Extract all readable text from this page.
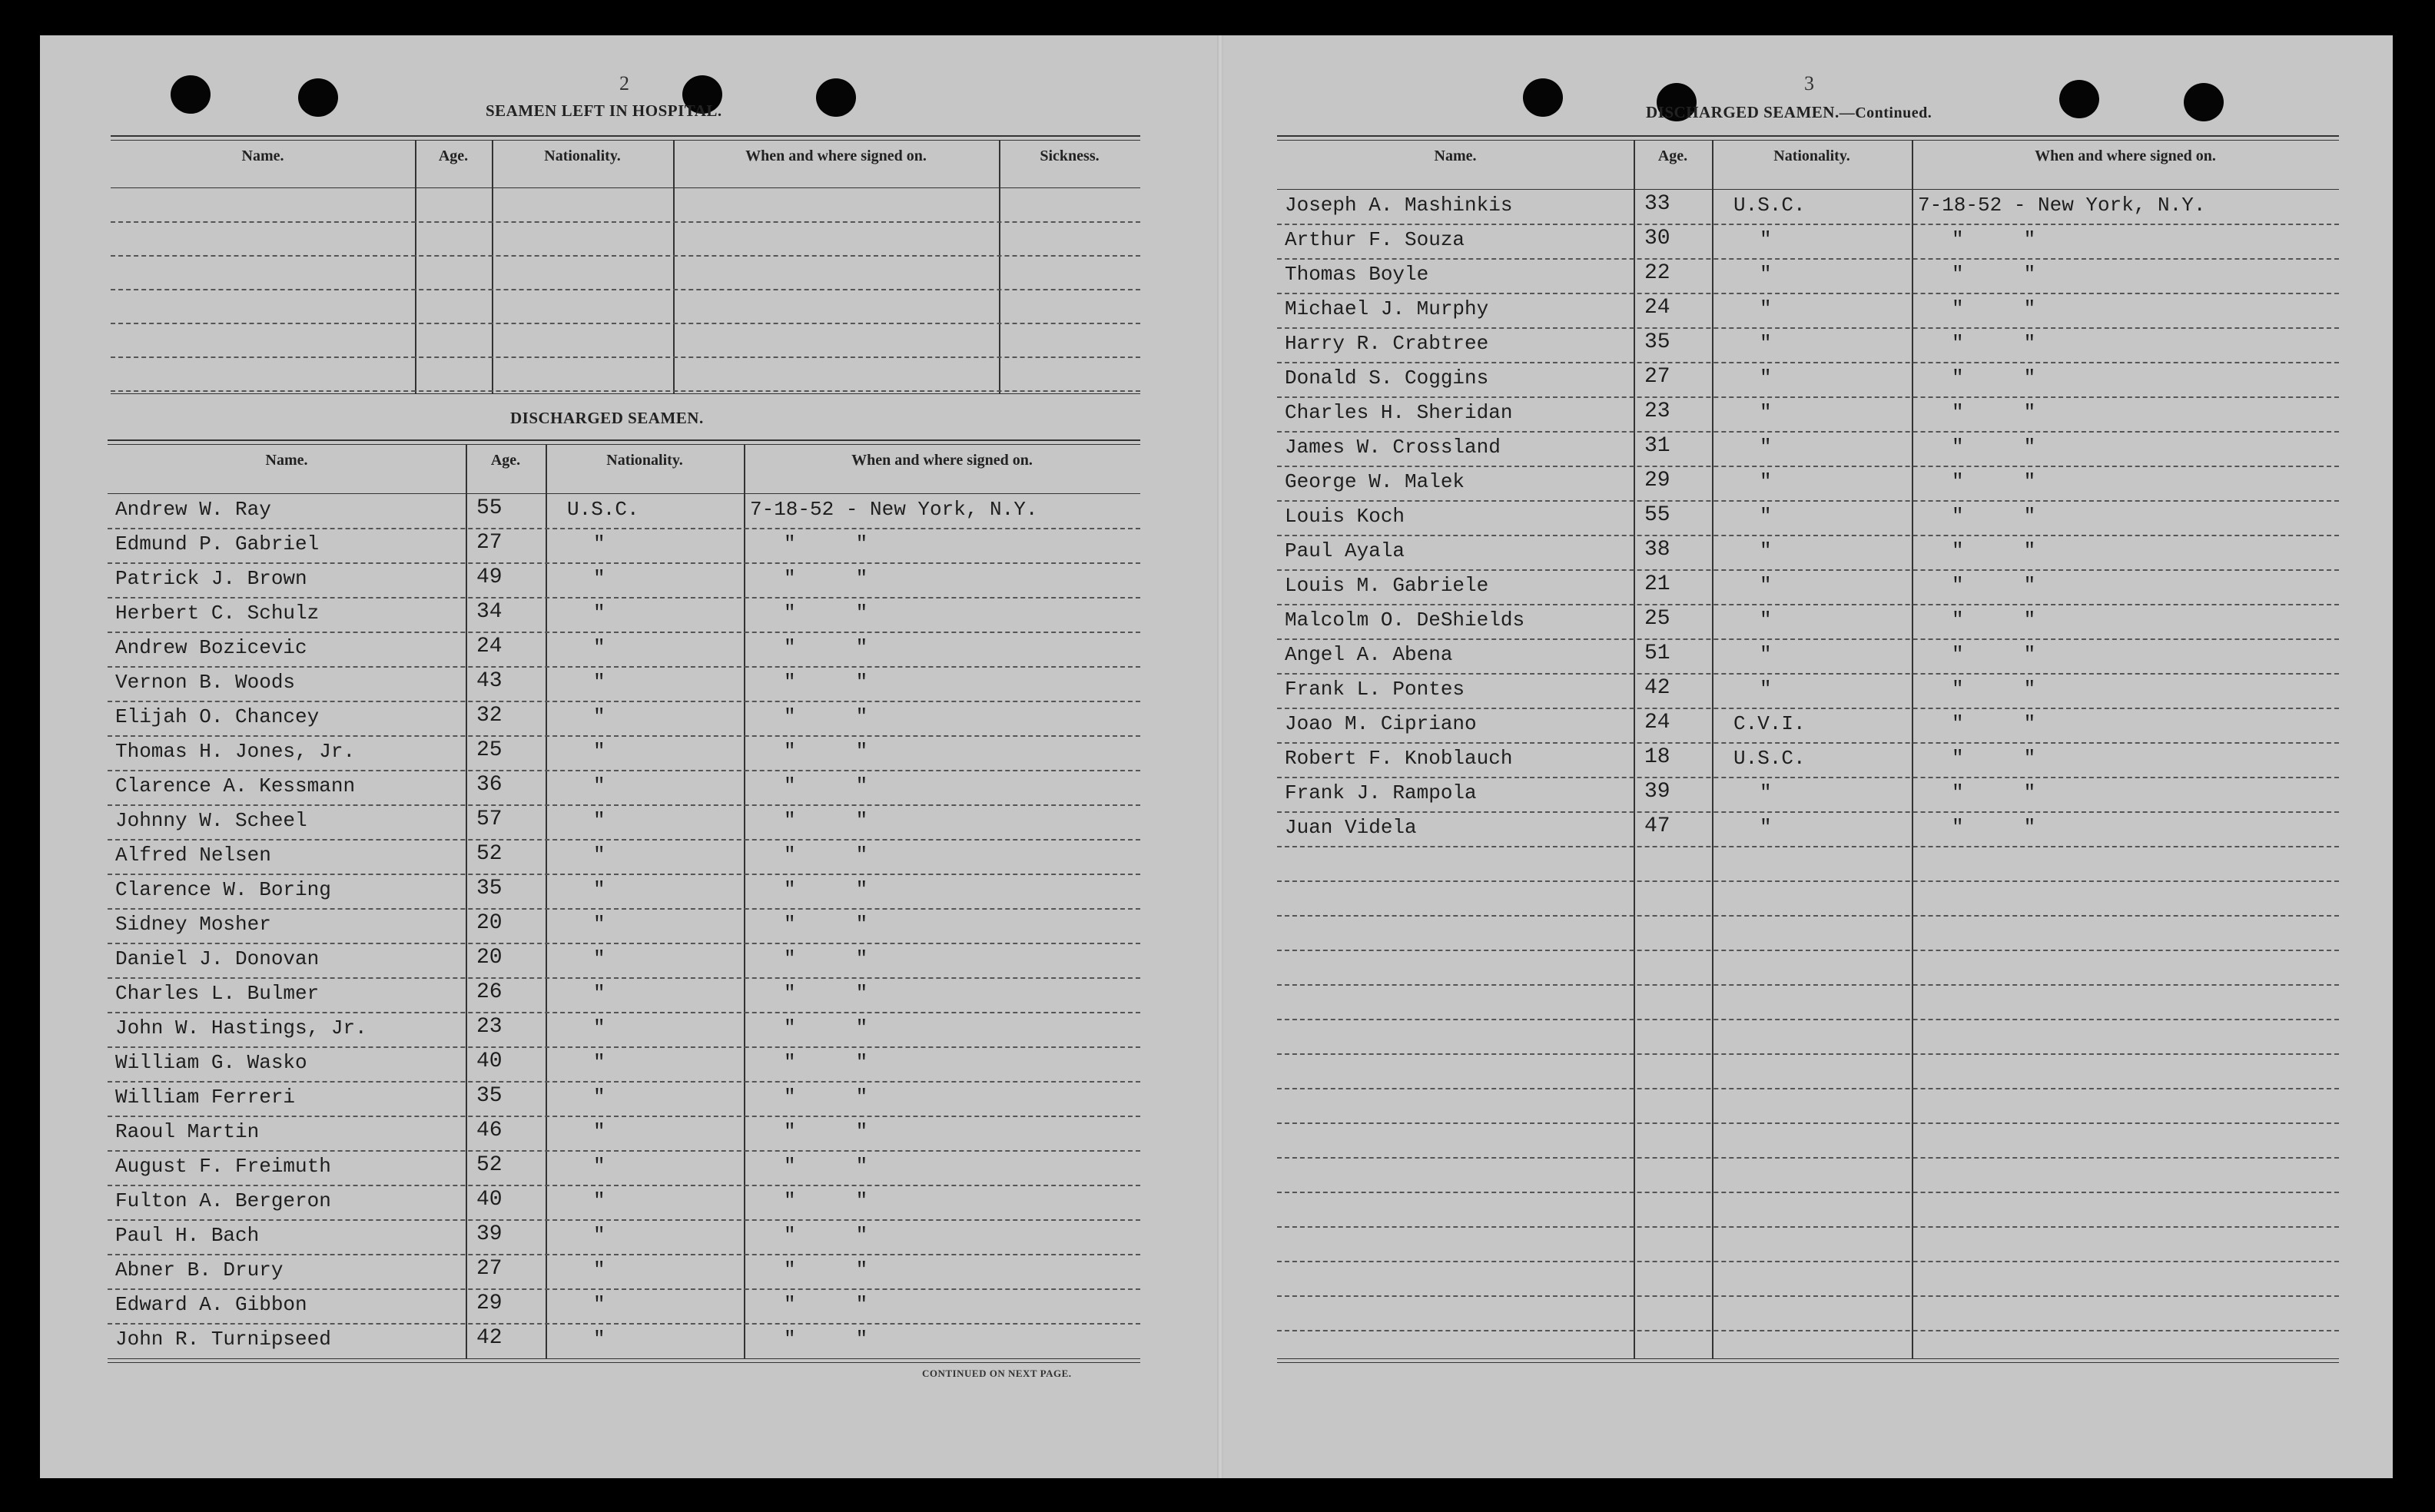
2
SEAMEN LEFT IN HOSPITAL.
Name.	Age.	Nationality.	When and where signed on.	Sickness.
DISCHARGED SEAMEN.
Name.	Age.	Nationality.	When and where signed on.
Andrew W. Ray	55	U.S.C.	7-18-52 - New York, N.Y.
Edmund P. Gabriel	27	"	"     "
Patrick J. Brown	49	"	"     "
Herbert C. Schulz	34	"	"     "
Andrew Bozicevic	24	"	"     "
Vernon B. Woods	43	"	"     "
Elijah O. Chancey	32	"	"     "
Thomas H. Jones, Jr.	25	"	"     "
Clarence A. Kessmann	36	"	"     "
Johnny W. Scheel	57	"	"     "
Alfred Nelsen	52	"	"     "
Clarence W. Boring	35	"	"     "
Sidney Mosher	20	"	"     "
Daniel J. Donovan	20	"	"     "
Charles L. Bulmer	26	"	"     "
John W. Hastings, Jr.	23	"	"     "
William G. Wasko	40	"	"     "
William Ferreri	35	"	"     "
Raoul Martin	46	"	"     "
August F. Freimuth	52	"	"     "
Fulton A. Bergeron	40	"	"     "
Paul H. Bach	39	"	"     "
Abner B. Drury	27	"	"     "
Edward A. Gibbon	29	"	"     "
John R. Turnipseed	42	"	"     "
CONTINUED ON NEXT PAGE.
3
DISCHARGED SEAMEN.—Continued.
Name.	Age.	Nationality.	When and where signed on.
Joseph A. Mashinkis	33	U.S.C.	7-18-52 - New York, N.Y.
Arthur F. Souza	30	"	"     "
Thomas Boyle	22	"	"     "
Michael J. Murphy	24	"	"     "
Harry R. Crabtree	35	"	"     "
Donald S. Coggins	27	"	"     "
Charles H. Sheridan	23	"	"     "
James W. Crossland	31	"	"     "
George W. Malek	29	"	"     "
Louis Koch	55	"	"     "
Paul Ayala	38	"	"     "
Louis M. Gabriele	21	"	"     "
Malcolm O. DeShields	25	"	"     "
Angel A. Abena	51	"	"     "
Frank L. Pontes	42	"	"     "
Joao M. Cipriano	24	C.V.I.	"     "
Robert F. Knoblauch	18	U.S.C.	"     "
Frank J. Rampola	39	"	"     "
Juan Videla	47	"	"     "
